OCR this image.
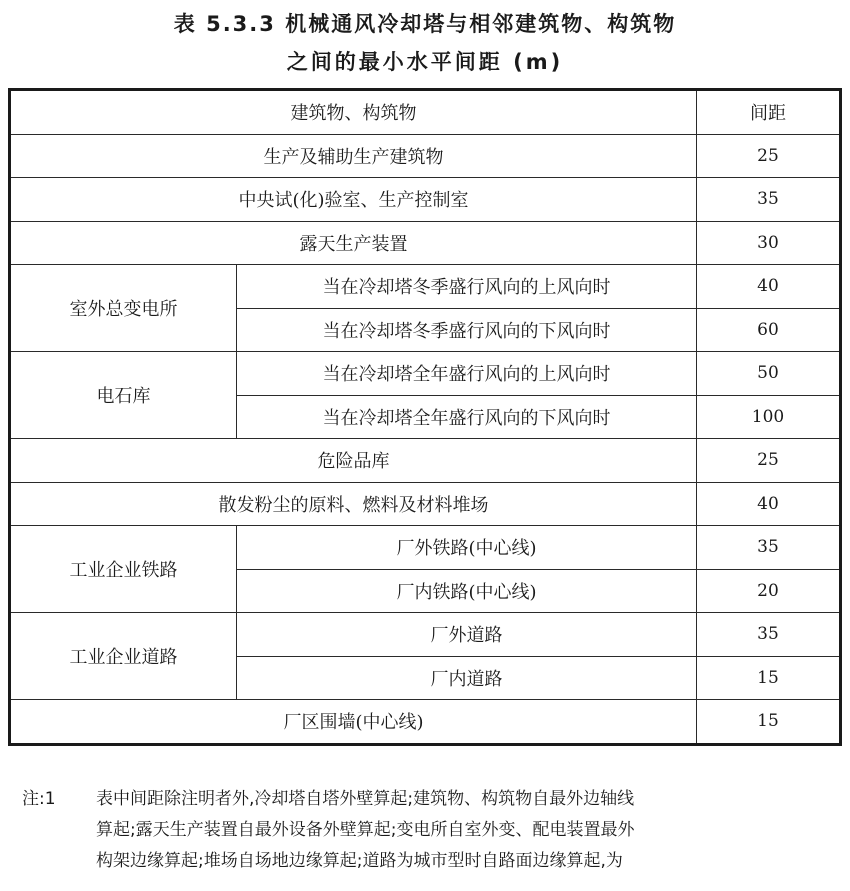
表 5.3.3 机械通风冷却塔与相邻建筑物、构筑物
之间的最小水平间距 (m)
建筑物、构筑物		间距
生产及辅助生产建筑物		25
中央试(化)验室、生产控制室		35
露天生产装置		30
室外总变电所	当在冷却塔冬季盛行风向的上风向时	40
	当在冷却塔冬季盛行风向的下风向时	60
电石库	当在冷却塔全年盛行风向的上风向时	50
	当在冷却塔全年盛行风向的下风向时	100
危险品库		25
散发粉尘的原料、燃料及材料堆场		40
工业企业铁路	厂外铁路(中心线)	35
	厂内铁路(中心线)	20
工业企业道路	厂外道路	35
	厂内道路	15
厂区围墙(中心线)		15
注:1	表中间距除注明者外,冷却塔自塔外壁算起;建筑物、构筑物自最外边轴线
算起;露天生产装置自最外设备外壁算起;变电所自室外变、配电装置最外
构架边缘算起;堆场自场地边缘算起;道路为城市型时自路面边缘算起,为
